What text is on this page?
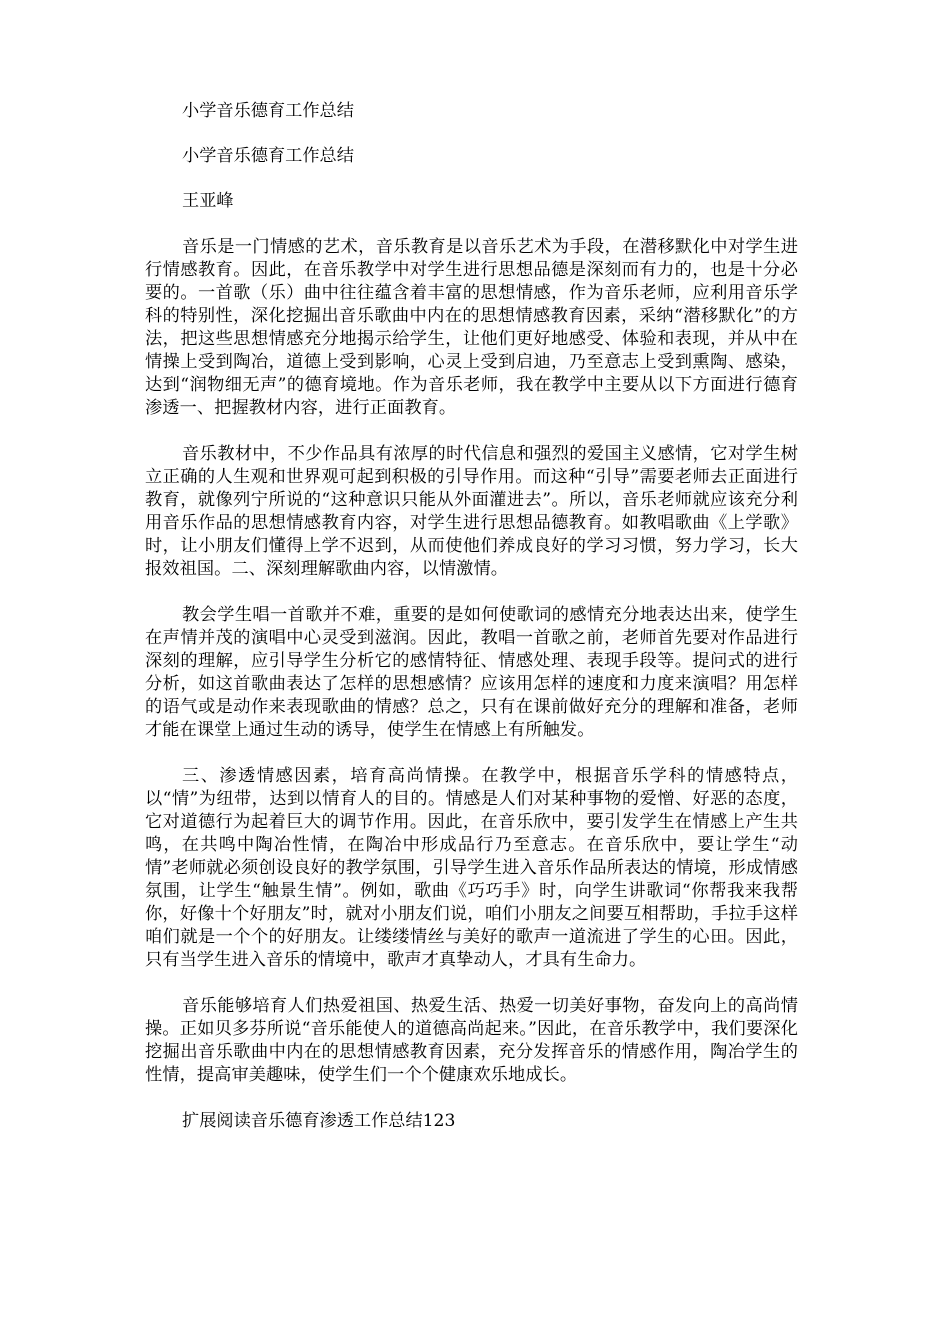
小学音乐德育工作总结

小学音乐德育工作总结

王亚峰

音乐是一门情感的艺术，音乐教育是以音乐艺术为手段，在潜移默化中对学生进行情感教育。因此，在音乐教学中对学生进行思想品德是深刻而有力的，也是十分必要的。一首歌（乐）曲中往往蕴含着丰富的思想情感，作为音乐老师，应利用音乐学科的特别性，深化挖掘出音乐歌曲中内在的思想情感教育因素，采纳“潜移默化”的方法，把这些思想情感充分地揭示给学生，让他们更好地感受、体验和表现，并从中在情操上受到陶冶，道德上受到影响，心灵上受到启迪，乃至意志上受到熏陶、感染，达到“润物细无声”的德育境地。作为音乐老师，我在教学中主要从以下方面进行德育渗透一、把握教材内容，进行正面教育。

音乐教材中，不少作品具有浓厚的时代信息和强烈的爱国主义感情，它对学生树立正确的人生观和世界观可起到积极的引导作用。而这种“引导”需要老师去正面进行教育，就像列宁所说的“这种意识只能从外面灌进去”。所以，音乐老师就应该充分利用音乐作品的思想情感教育内容，对学生进行思想品德教育。如教唱歌曲《上学歌》时，让小朋友们懂得上学不迟到，从而使他们养成良好的学习习惯，努力学习，长大报效祖国。二、深刻理解歌曲内容，以情激情。

教会学生唱一首歌并不难，重要的是如何使歌词的感情充分地表达出来，使学生在声情并茂的演唱中心灵受到滋润。因此，教唱一首歌之前，老师首先要对作品进行深刻的理解，应引导学生分析它的感情特征、情感处理、表现手段等。提问式的进行分析，如这首歌曲表达了怎样的思想感情？应该用怎样的速度和力度来演唱？用怎样的语气或是动作来表现歌曲的情感？总之，只有在课前做好充分的理解和准备，老师才能在课堂上通过生动的诱导，使学生在情感上有所触发。

三、渗透情感因素，培育高尚情操。在教学中，根据音乐学科的情感特点，以“情”为纽带，达到以情育人的目的。情感是人们对某种事物的爱憎、好恶的态度，它对道德行为起着巨大的调节作用。因此，在音乐欣中，要引发学生在情感上产生共鸣，在共鸣中陶冶性情，在陶冶中形成品行乃至意志。在音乐欣中，要让学生“动情”老师就必须创设良好的教学氛围，引导学生进入音乐作品所表达的情境，形成情感氛围，让学生“触景生情”。例如，歌曲《巧巧手》时，向学生讲歌词“你帮我来我帮你，好像十个好朋友”时，就对小朋友们说，咱们小朋友之间要互相帮助，手拉手这样咱们就是一个个的好朋友。让缕缕情丝与美好的歌声一道流进了学生的心田。因此，只有当学生进入音乐的情境中，歌声才真挚动人，才具有生命力。

音乐能够培育人们热爱祖国、热爱生活、热爱一切美好事物，奋发向上的高尚情操。正如贝多芬所说“音乐能使人的道德高尚起来。”因此，在音乐教学中，我们要深化挖掘出音乐歌曲中内在的思想情感教育因素，充分发挥音乐的情感作用，陶冶学生的性情，提高审美趣味，使学生们一个个健康欢乐地成长。

扩展阅读音乐德育渗透工作总结123
